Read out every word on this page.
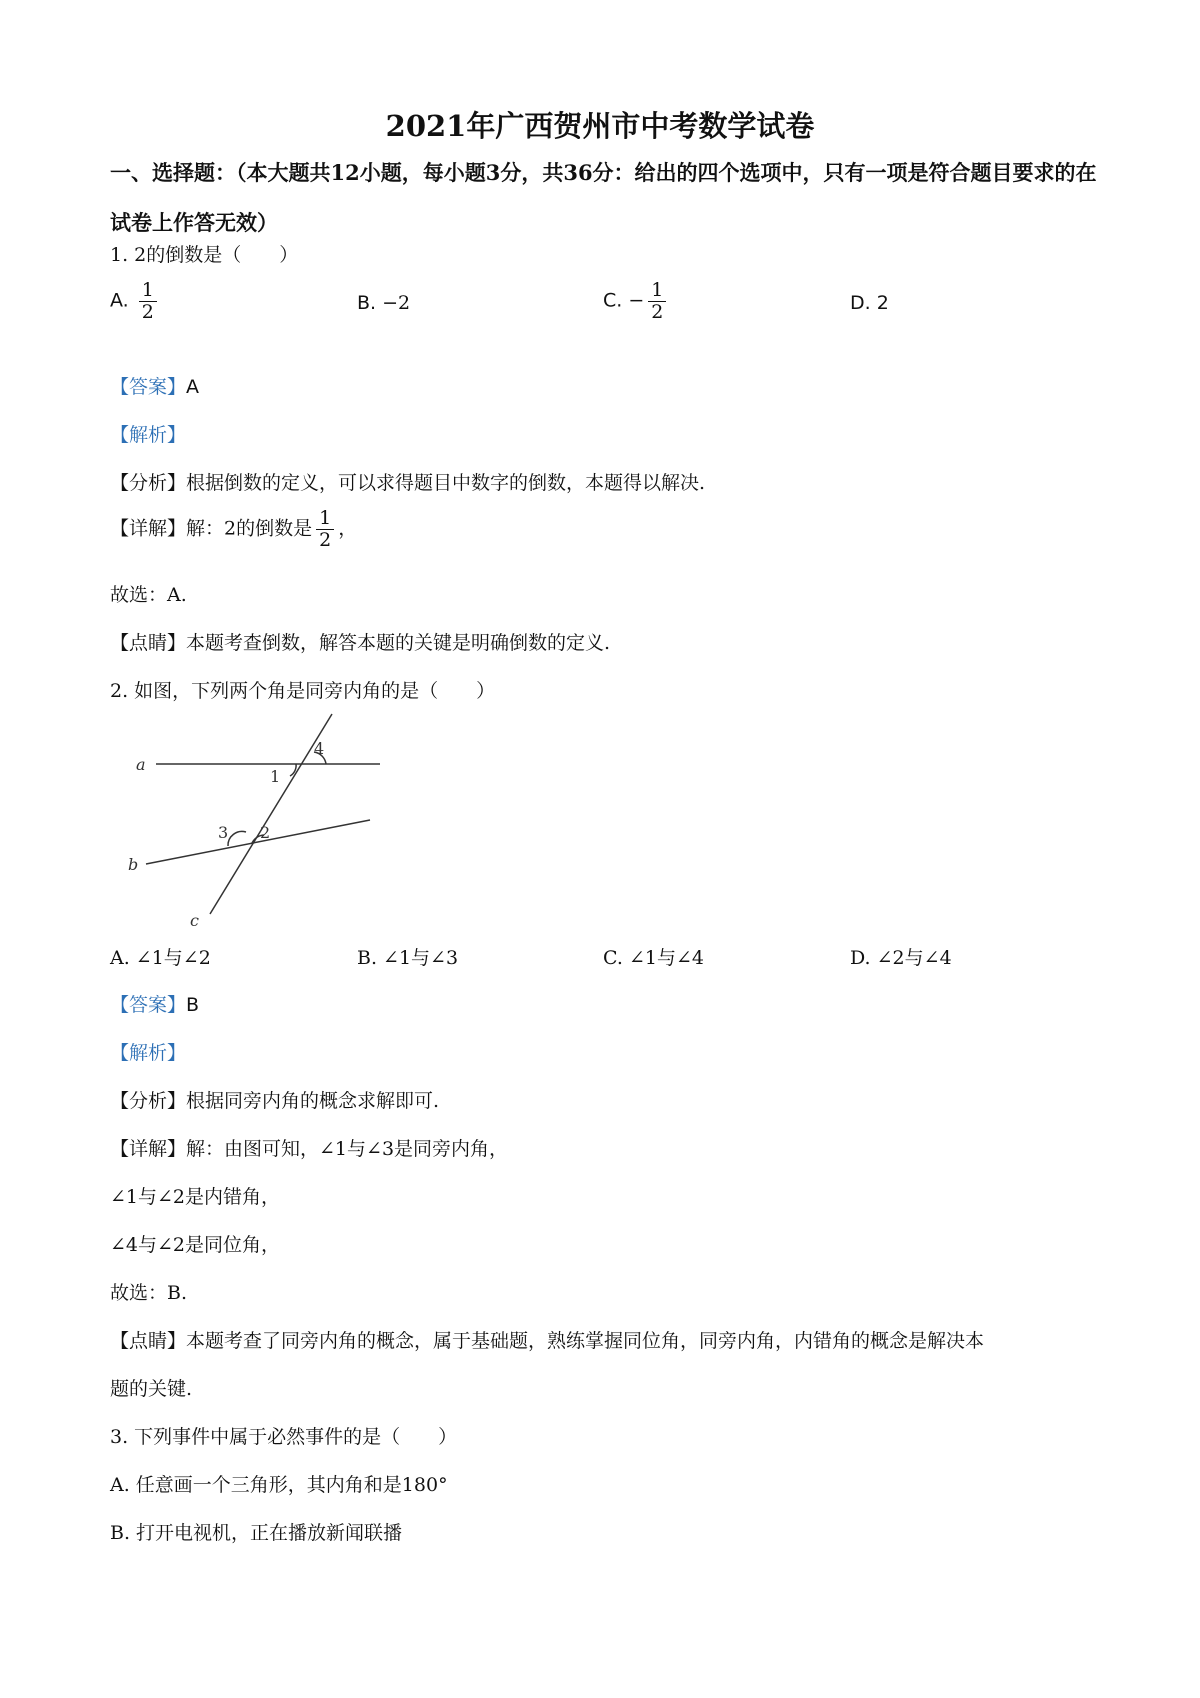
2021年广西贺州市中考数学试卷
一、选择题：（本大题共12小题，每小题3分，共36分：给出的四个选项中，只有一项是符合题目要求的在试卷上作答无效）
1. 2的倒数是（　　）
A. $\frac{1}{2}$	B. −2	C. − $\frac{1}{2}$	D. 2
【答案】A
【解析】
【分析】根据倒数的定义，可以求得题目中数字的倒数，本题得以解决.
【详解】解：2的倒数是 $\frac{1}{2}$ ，
故选：A.
【点睛】本题考查倒数，解答本题的关键是明确倒数的定义.
2. 如图，下列两个角是同旁内角的是（　　）
a
b
c
1
2
3
4
A. ∠1与∠2	B. ∠1与∠3	C. ∠1与∠4	D. ∠2与∠4
【答案】B
【解析】
【分析】根据同旁内角的概念求解即可.
【详解】解：由图可知，∠1与∠3是同旁内角，
∠1与∠2是内错角，
∠4与∠2是同位角，
故选：B.
【点睛】本题考查了同旁内角的概念，属于基础题，熟练掌握同位角，同旁内角，内错角的概念是解决本
题的关键.
3. 下列事件中属于必然事件的是（　　）
A. 任意画一个三角形，其内角和是180°
B. 打开电视机，正在播放新闻联播
